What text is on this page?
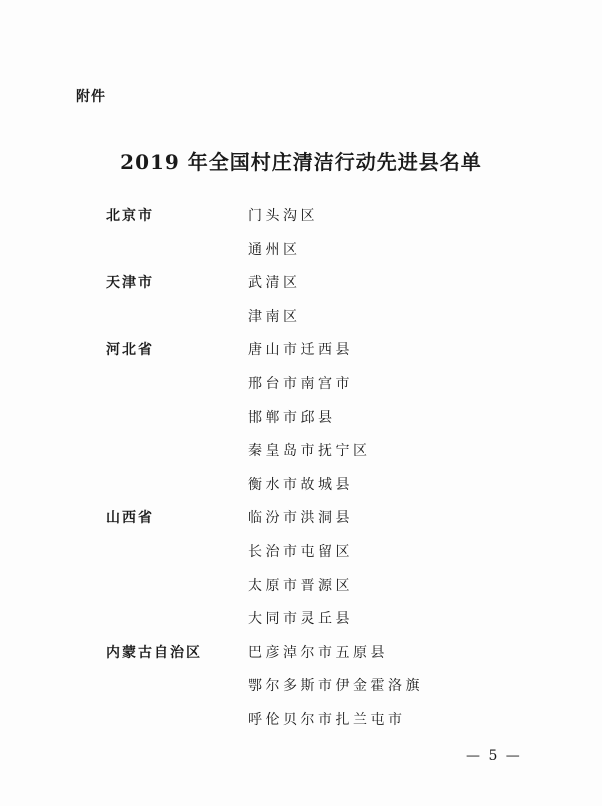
附件
2019 年全国村庄清洁行动先进县名单
北京市	门头沟区
通州区
天津市	武清区
津南区
河北省	唐山市迁西县
邢台市南宫市
邯郸市邱县
秦皇岛市抚宁区
衡水市故城县
山西省	临汾市洪洞县
长治市屯留区
太原市晋源区
大同市灵丘县
内蒙古自治区	巴彦淖尔市五原县
鄂尔多斯市伊金霍洛旗
呼伦贝尔市扎兰屯市
— 5 —
